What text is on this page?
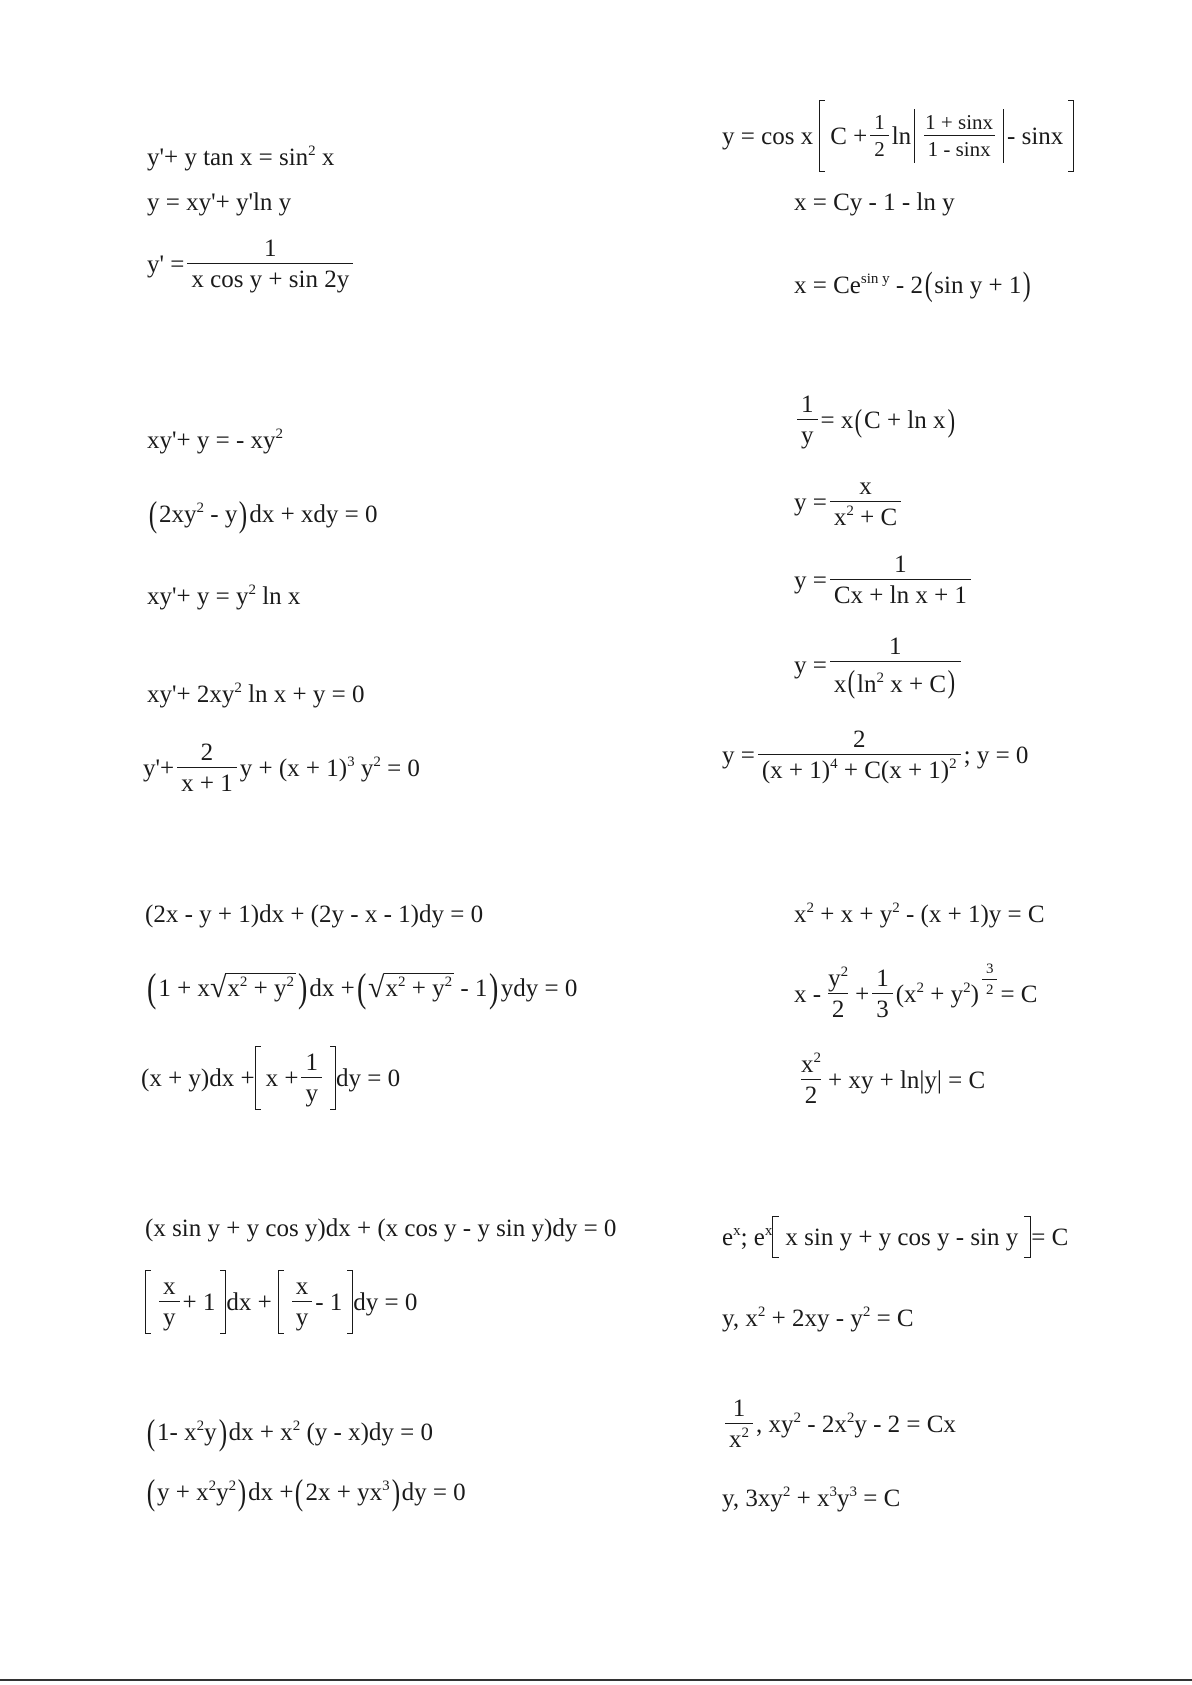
y'+ y $\tan x = \sin^2 x$
y = xy'+ y'ln y
$y' = \frac{1}{\text{x cos y + sin 2y}}$
xy'+ y = - $xy^2$
( $2xy^2$ - y ) dx + xdy = 0
$xy'+ y = y^2$ ln x
$xy'+ 2xy^2$ ln x + y = 0
$y'+ \frac{2}{x + 1}$ $y + (x + 1)^3$ $y^2 = 0$
(2x - y + 1)dx + (2y - x - 1)dy = 0
( 1 + x √ $x^2 + y^2$ ) dx + ( √ $x^2 + y^2 - 1$ ) ydy = 0
$(x + y)dx + x + \frac{1}{y}$ dy = 0
(x sin y + y cos y)dx + (x cos y - y sin y)dy = 0
$\frac{x}{y} + 1$ dx + $\frac{x}{y} - 1$ dy = 0
( 1- $x^2y$ ) dx + $x^2$ (y - x)dy = 0
( $y + x^2y^2$ ) dx + ( $2x + yx^3$ ) dy = 0
y = cos x $C + \frac{1}{2}$ $\ln \frac{1 + \sin x}{1 - \sin x}$ - sinx
x = Cy - 1 - ln y
$x = Ce^{sin y} - 2$ ( sin y + 1 )
$\frac{1}{y} = x$ ( C + ln x )
$y = \frac{x}{x^2 + C}$
$y = \frac{1}{\text{Cx + ln x + 1}}$
$y = \frac{1}{x(\ln^2 x + C)}$
$y = \frac{2}{(x + 1)^4 + C(x + 1)^2}$ ; y = 0
$x^2 + x + y^2 - (x + 1)y = C$
$x - \frac{y^2}{2} + \frac{1}{3} (x^2 + y^2) \frac{3}{2} = C$
$\frac{x^2}{2}$ + xy + ln|y| = C
$e^x$; $e^x$ x sin y + y cos y - sin y = C
y, $x^2 + 2xy - y^2 = C$
$\frac{1}{x^2}$ , $xy^2 - 2x^2y - 2 = Cx$
y, $3xy^2 + x^3y^3 = C$
